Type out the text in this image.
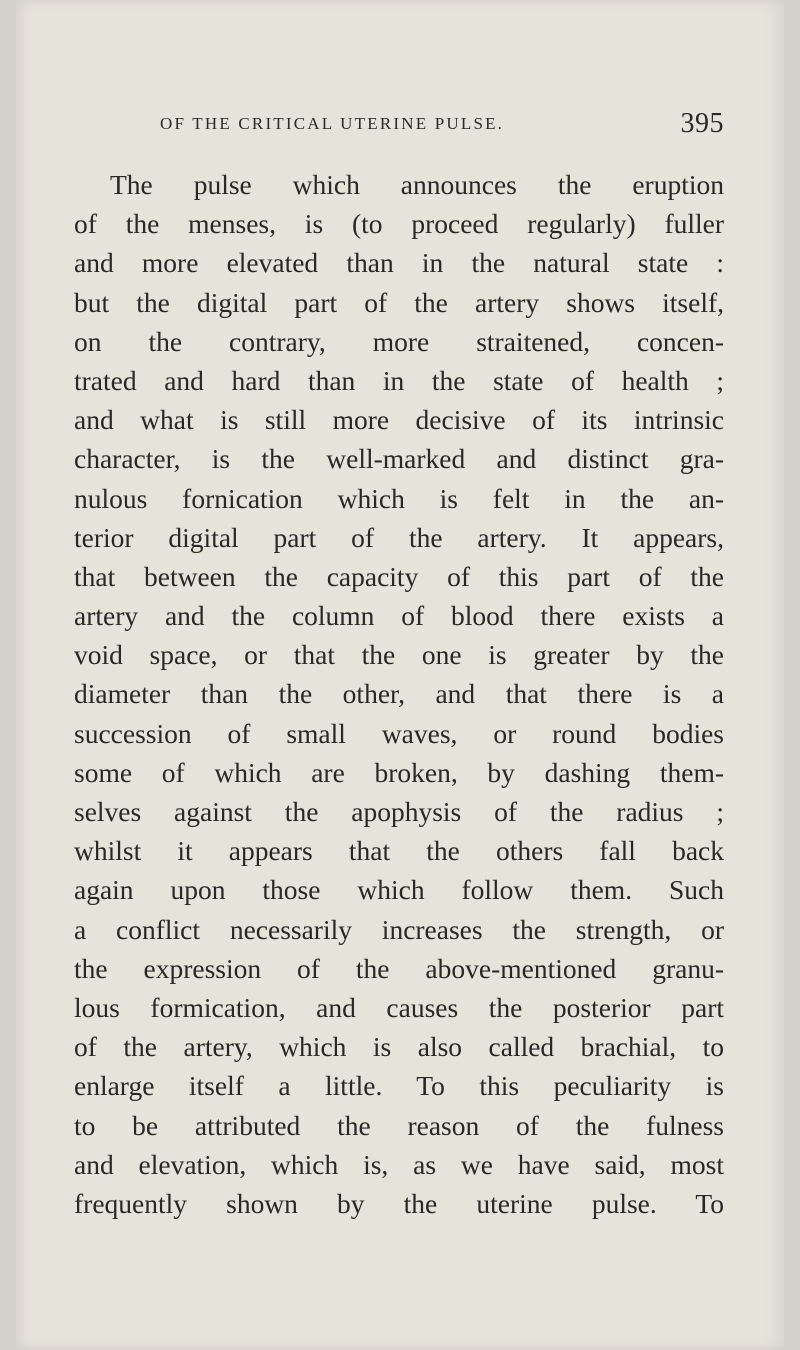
OF THE CRITICAL UTERINE PULSE.	395
The pulse which announces the eruption
of the menses, is (to proceed regularly) fuller
and more elevated than in the natural state :
but the digital part of the artery shows itself,
on the contrary, more straitened, concen-
trated and hard than in the state of health ;
and what is still more decisive of its intrinsic
character, is the well-marked and distinct gra-
nulous fornication which is felt in the an-
terior digital part of the artery. It appears,
that between the capacity of this part of the
artery and the column of blood there exists a
void space, or that the one is greater by the
diameter than the other, and that there is a
succession of small waves, or round bodies
some of which are broken, by dashing them-
selves against the apophysis of the radius ;
whilst it appears that the others fall back
again upon those which follow them. Such
a conflict necessarily increases the strength, or
the expression of the above-mentioned granu-
lous formication, and causes the posterior part
of the artery, which is also called brachial, to
enlarge itself a little. To this peculiarity is
to be attributed the reason of the fulness
and elevation, which is, as we have said, most
frequently shown by the uterine pulse. To
